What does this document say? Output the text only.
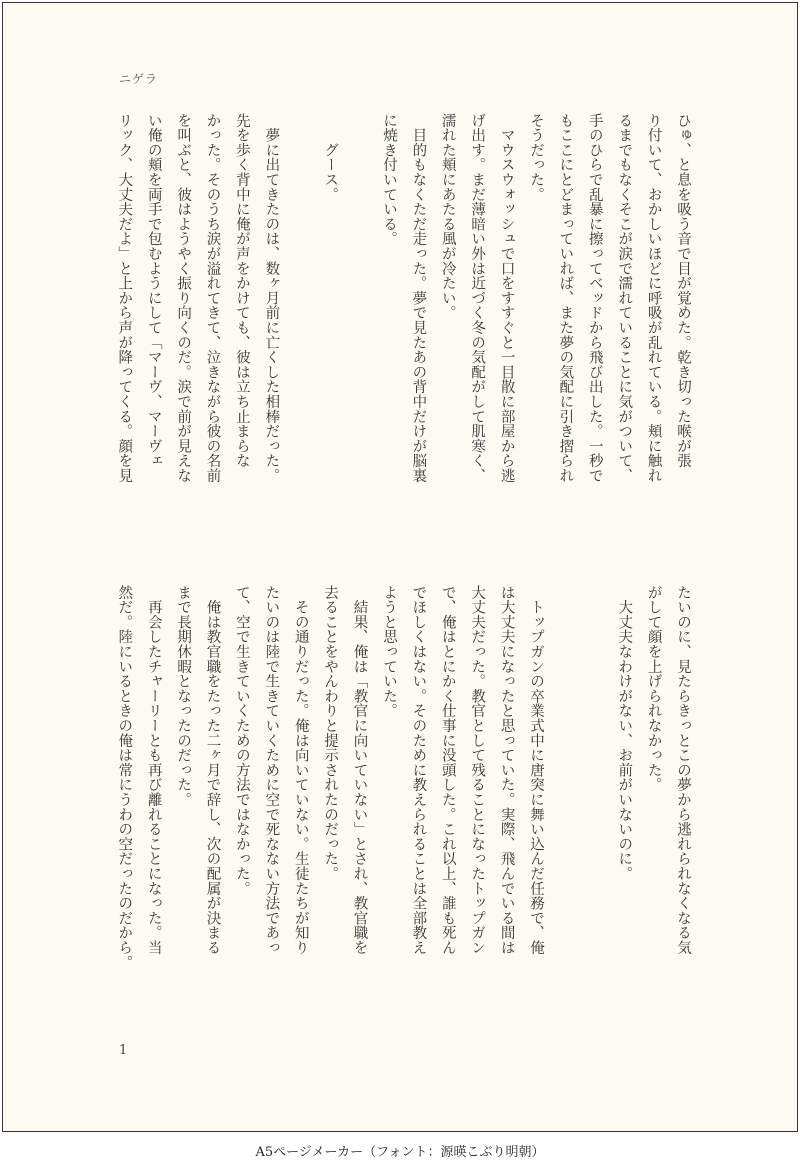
ニゲラ
ひゅ、と息を吸う音で目が覚めた。乾き切った喉が張
り付いて、おかしいほどに呼吸が乱れている。頬に触れ
るまでもなくそこが涙で濡れていることに気がついて、
手のひらで乱暴に擦ってベッドから飛び出した。一秒で
もここにとどまっていれば、また夢の気配に引き摺られ
そうだった。
　マウスウォッシュで口をすすぐと一目散に部屋から逃
げ出す。まだ薄暗い外は近づく冬の気配がして肌寒く、
濡れた頬にあたる風が冷たい。
　目的もなくただ走った。夢で見たあの背中だけが脳裏
に焼き付いている。

　　グース。

　夢に出てきたのは、数ヶ月前に亡くした相棒だった。
先を歩く背中に俺が声をかけても、彼は立ち止まらな
かった。そのうち涙が溢れてきて、泣きながら彼の名前
を叫ぶと、彼はようやく振り向くのだ。涙で前が見えな
い俺の頬を両手で包むようにして「マーヴ、マーヴェ
リック、大丈夫だよ」と上から声が降ってくる。顔を見
たいのに、見たらきっとこの夢から逃れられなくなる気
がして顔を上げられなかった。
　大丈夫なわけがない、お前がいないのに。

　トップガンの卒業式中に唐突に舞い込んだ任務で、俺
は大丈夫になったと思っていた。実際、飛んでいる間は
大丈夫だった。教官として残ることになったトップガン
で、俺はとにかく仕事に没頭した。これ以上、誰も死ん
でほしくはない。そのために教えられることは全部教え
ようと思っていた。
　結果、俺は「教官に向いていない」とされ、教官職を
去ることをやんわりと提示されたのだった。
　その通りだった。俺は向いていない。生徒たちが知り
たいのは陸で生きていくために空で死なない方法であっ
て、空で生きていくための方法ではなかった。
　俺は教官職をたった二ヶ月で辞し、次の配属が決まる
まで長期休暇となったのだった。
　再会したチャーリーとも再び離れることになった。当
然だ。陸にいるときの俺は常にうわの空だったのだから。
1
A5ページメーカー（フォント：源暎こぶり明朝）
